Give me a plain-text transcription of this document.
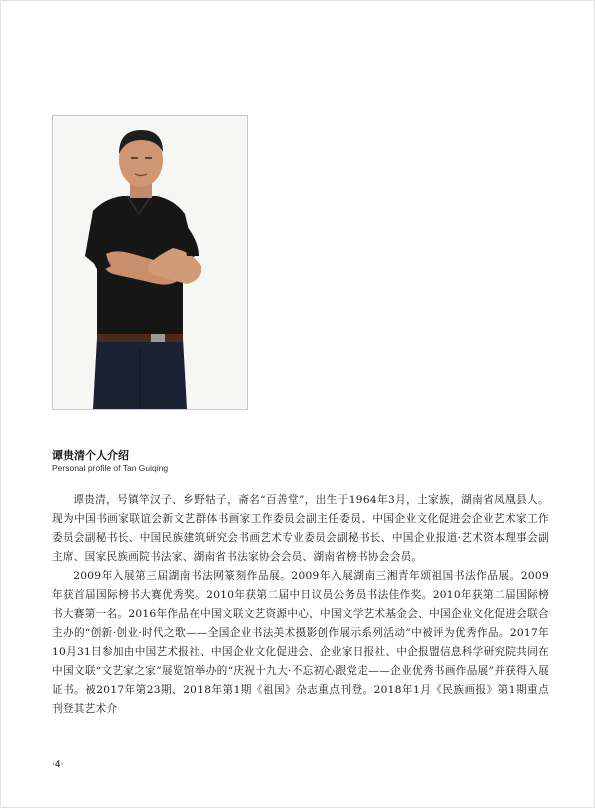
谭贵清个人介绍
Personal profile of Tan Guiqing

谭贵清，号镇竿汉子、乡野牯子，斋名“百善堂”，出生于1964年3月，土家族，湖南省凤凰县人。现为中国书画家联谊会新文艺群体书画家工作委员会副主任委员、中国企业文化促进会企业艺术家工作委员会副秘书长、中国民族建筑研究会书画艺术专业委员会副秘书长、中国企业报道·艺术资本理事会副主席、国家民族画院书法家、湖南省书法家协会会员、湖南省榜书协会会员。

2009年入展第三届湖南书法网篆刻作品展。2009年入展湖南三湘青年颂祖国书法作品展。2009年获首届国际榜书大赛优秀奖。2010年获第二届中日议员公务员书法佳作奖。2010年获第二届国际榜书大赛第一名。2016年作品在中国文联文艺资源中心、中国文学艺术基金会、中国企业文化促进会联合主办的“创新·创业·时代之歌——全国企业书法美术摄影创作展示系列活动”中被评为优秀作品。2017年10月31日参加由中国艺术报社、中国企业文化促进会、企业家日报社、中企报盟信息科学研究院共同在中国文联“文艺家之家”展览馆举办的“庆祝十九大·不忘初心跟党走——企业优秀书画作品展”并获得入展证书。被2017年第23期、2018年第1期《祖国》杂志重点刊登。2018年1月《民族画报》第1期重点刊登其艺术介

·4·
